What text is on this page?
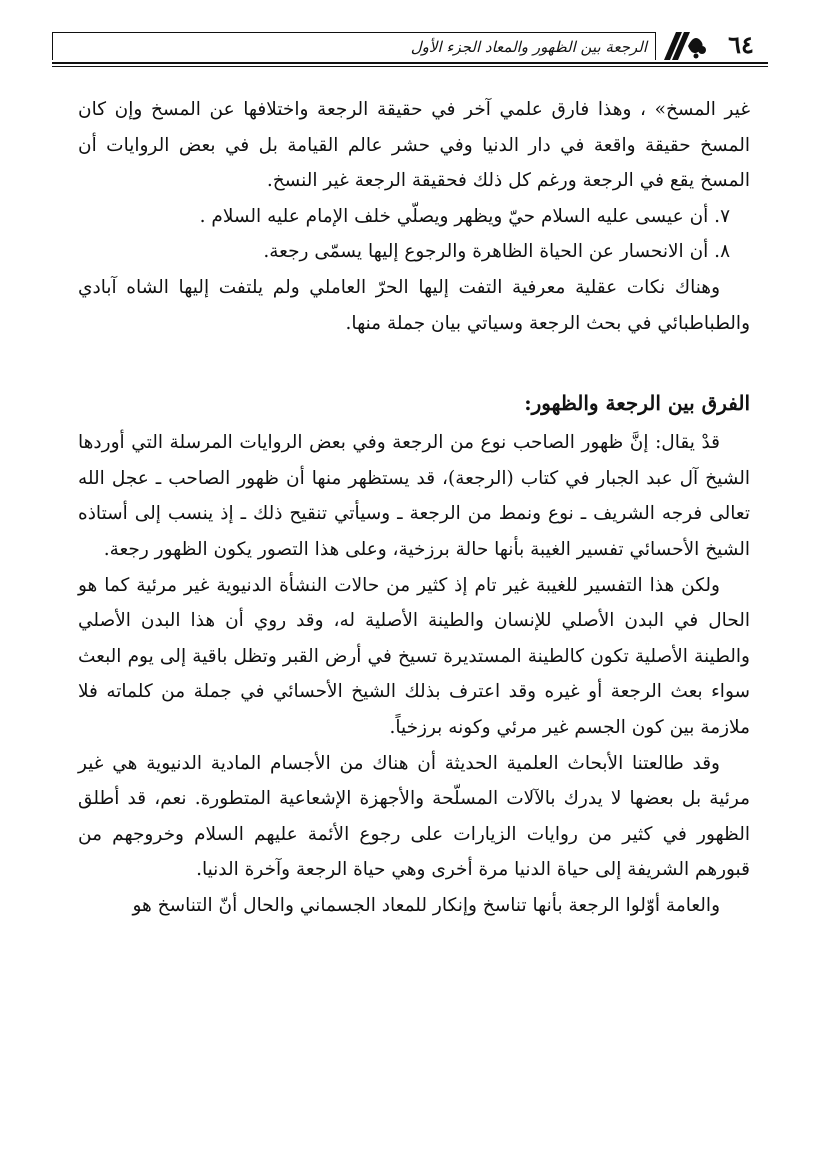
٦٤
الرجعة بين الظهور والمعاد الجزء الأول

غير المسخ» ، وهذا فارق علمي آخر في حقيقة الرجعة واختلافها عن المسخ وإن كان المسخ حقيقة واقعة في دار الدنيا وفي حشر عالم القيامة بل في بعض الروايات أن المسخ يقع في الرجعة ورغم كل ذلك فحقيقة الرجعة غير النسخ.

٧. أن عيسى عليه السلام حيّ ويظهر ويصلّي خلف الإمام عليه السلام .

٨. أن الانحسار عن الحياة الظاهرة والرجوع إليها يسمّى رجعة.

وهناك نكات عقلية معرفية التفت إليها الحرّ العاملي ولم يلتفت إليها الشاه آبادي والطباطبائي في بحث الرجعة وسياتي بيان جملة منها.

الفرق بين الرجعة والظهور:

قدْ يقال: إنَّ ظهور الصاحب نوع من الرجعة وفي بعض الروايات المرسلة التي أوردها الشيخ آل عبد الجبار في كتاب (الرجعة)، قد يستظهر منها أن ظهور الصاحب ـ عجل الله تعالى فرجه الشريف ـ نوع ونمط من الرجعة ـ وسيأتي تنقيح ذلك ـ إذ ينسب إلى أستاذه الشيخ الأحسائي تفسير الغيبة بأنها حالة برزخية، وعلى هذا التصور يكون الظهور رجعة.

ولكن هذا التفسير للغيبة غير تام إذ كثير من حالات النشأة الدنيوية غير مرئية كما هو الحال في البدن الأصلي للإنسان والطينة الأصلية له، وقد روي أن هذا البدن الأصلي والطينة الأصلية تكون كالطينة المستديرة تسيخ في أرض القبر وتظل باقية إلى يوم البعث سواء بعث الرجعة أو غيره وقد اعترف بذلك الشيخ الأحسائي في جملة من كلماته فلا ملازمة بين كون الجسم غير مرئي وكونه برزخياً.

وقد طالعتنا الأبحاث العلمية الحديثة أن هناك من الأجسام المادية الدنيوية هي غير مرئية بل بعضها لا يدرك بالآلات المسلّحة والأجهزة الإشعاعية المتطورة. نعم، قد أطلق الظهور في كثير من روايات الزيارات على رجوع الأئمة عليهم السلام وخروجهم من قبورهم الشريفة إلى حياة الدنيا مرة أخرى وهي حياة الرجعة وآخرة الدنيا.

والعامة أوّلوا الرجعة بأنها تناسخ وإنكار للمعاد الجسماني والحال أنّ التناسخ هو
